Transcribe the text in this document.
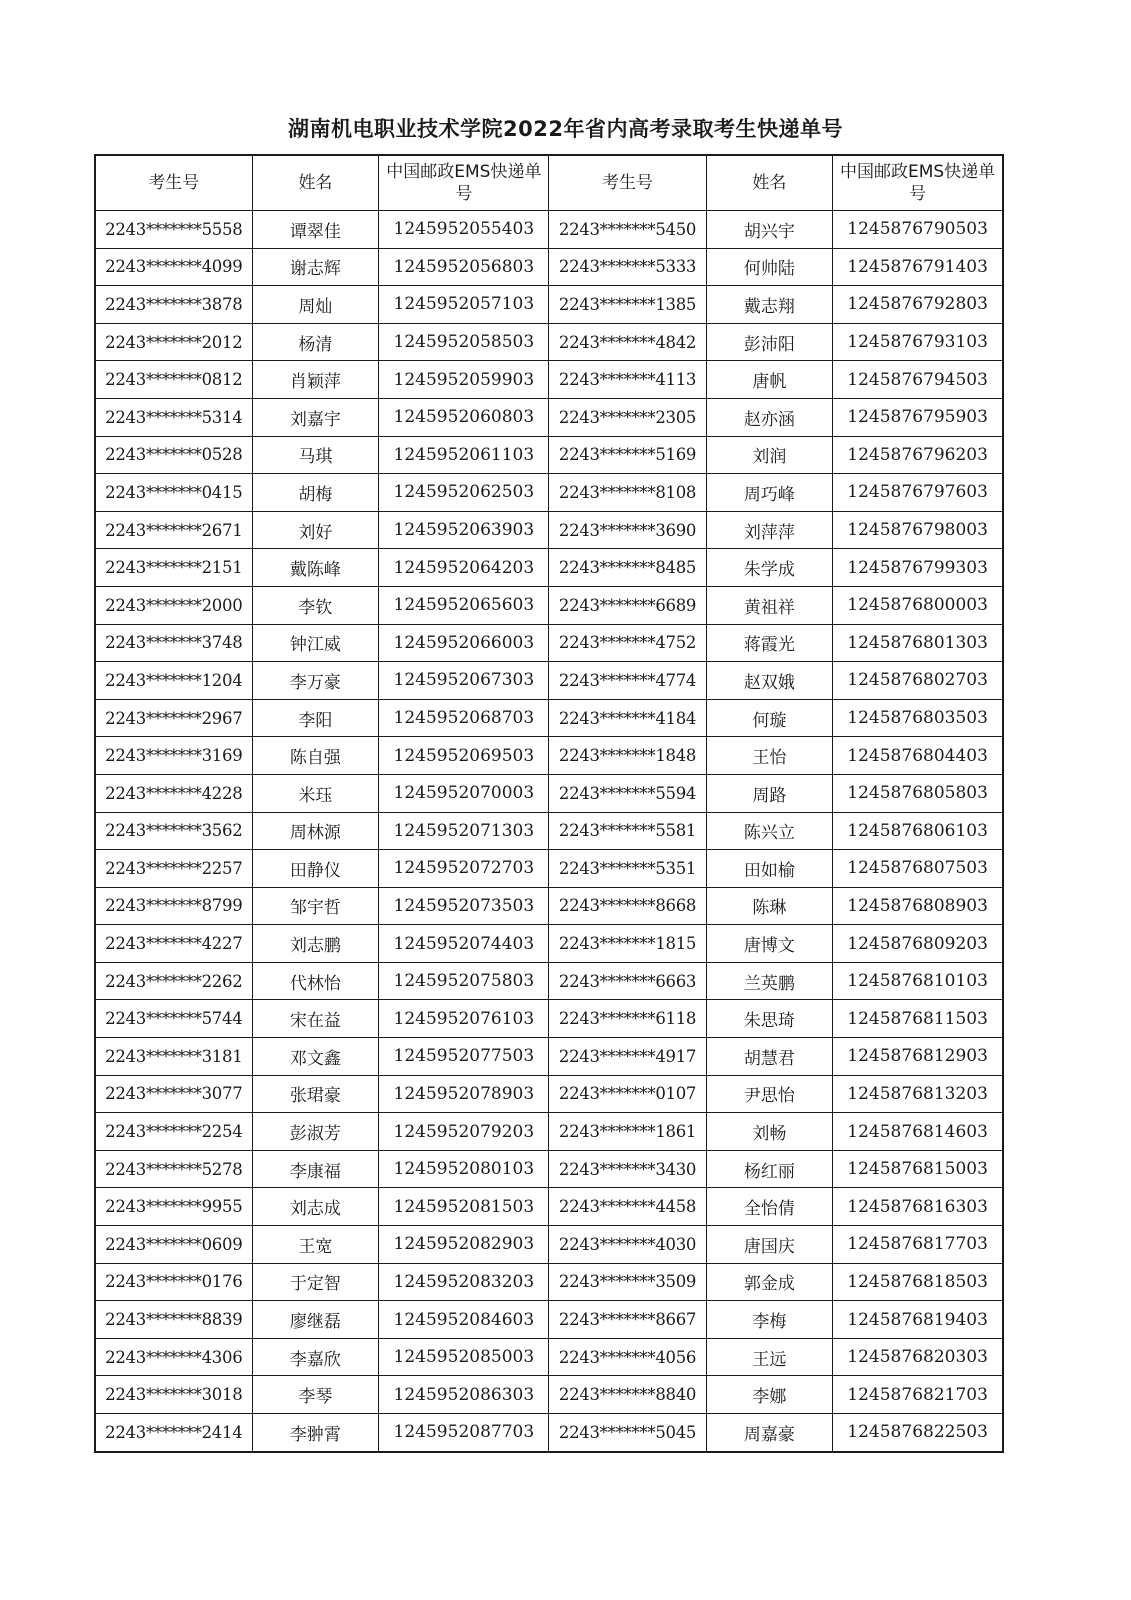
湖南机电职业技术学院2022年省内高考录取考生快递单号
考生号	姓名	中国邮政EMS快递单号	考生号	姓名	中国邮政EMS快递单号
2243*******5558	谭翠佳	1245952055403	2243*******5450	胡兴宇	1245876790503
2243*******4099	谢志辉	1245952056803	2243*******5333	何帅陆	1245876791403
2243*******3878	周灿	1245952057103	2243*******1385	戴志翔	1245876792803
2243*******2012	杨清	1245952058503	2243*******4842	彭沛阳	1245876793103
2243*******0812	肖颖萍	1245952059903	2243*******4113	唐帆	1245876794503
2243*******5314	刘嘉宇	1245952060803	2243*******2305	赵亦涵	1245876795903
2243*******0528	马琪	1245952061103	2243*******5169	刘润	1245876796203
2243*******0415	胡梅	1245952062503	2243*******8108	周巧峰	1245876797603
2243*******2671	刘好	1245952063903	2243*******3690	刘萍萍	1245876798003
2243*******2151	戴陈峰	1245952064203	2243*******8485	朱学成	1245876799303
2243*******2000	李钦	1245952065603	2243*******6689	黄祖祥	1245876800003
2243*******3748	钟江威	1245952066003	2243*******4752	蒋霞光	1245876801303
2243*******1204	李万豪	1245952067303	2243*******4774	赵双娥	1245876802703
2243*******2967	李阳	1245952068703	2243*******4184	何璇	1245876803503
2243*******3169	陈自强	1245952069503	2243*******1848	王怡	1245876804403
2243*******4228	米珏	1245952070003	2243*******5594	周路	1245876805803
2243*******3562	周林源	1245952071303	2243*******5581	陈兴立	1245876806103
2243*******2257	田静仪	1245952072703	2243*******5351	田如榆	1245876807503
2243*******8799	邹宇哲	1245952073503	2243*******8668	陈琳	1245876808903
2243*******4227	刘志鹏	1245952074403	2243*******1815	唐博文	1245876809203
2243*******2262	代林怡	1245952075803	2243*******6663	兰英鹏	1245876810103
2243*******5744	宋在益	1245952076103	2243*******6118	朱思琦	1245876811503
2243*******3181	邓文鑫	1245952077503	2243*******4917	胡慧君	1245876812903
2243*******3077	张珺豪	1245952078903	2243*******0107	尹思怡	1245876813203
2243*******2254	彭淑芳	1245952079203	2243*******1861	刘畅	1245876814603
2243*******5278	李康福	1245952080103	2243*******3430	杨红丽	1245876815003
2243*******9955	刘志成	1245952081503	2243*******4458	全怡倩	1245876816303
2243*******0609	王宽	1245952082903	2243*******4030	唐国庆	1245876817703
2243*******0176	于定智	1245952083203	2243*******3509	郭金成	1245876818503
2243*******8839	廖继磊	1245952084603	2243*******8667	李梅	1245876819403
2243*******4306	李嘉欣	1245952085003	2243*******4056	王远	1245876820303
2243*******3018	李琴	1245952086303	2243*******8840	李娜	1245876821703
2243*******2414	李翀霄	1245952087703	2243*******5045	周嘉豪	1245876822503
